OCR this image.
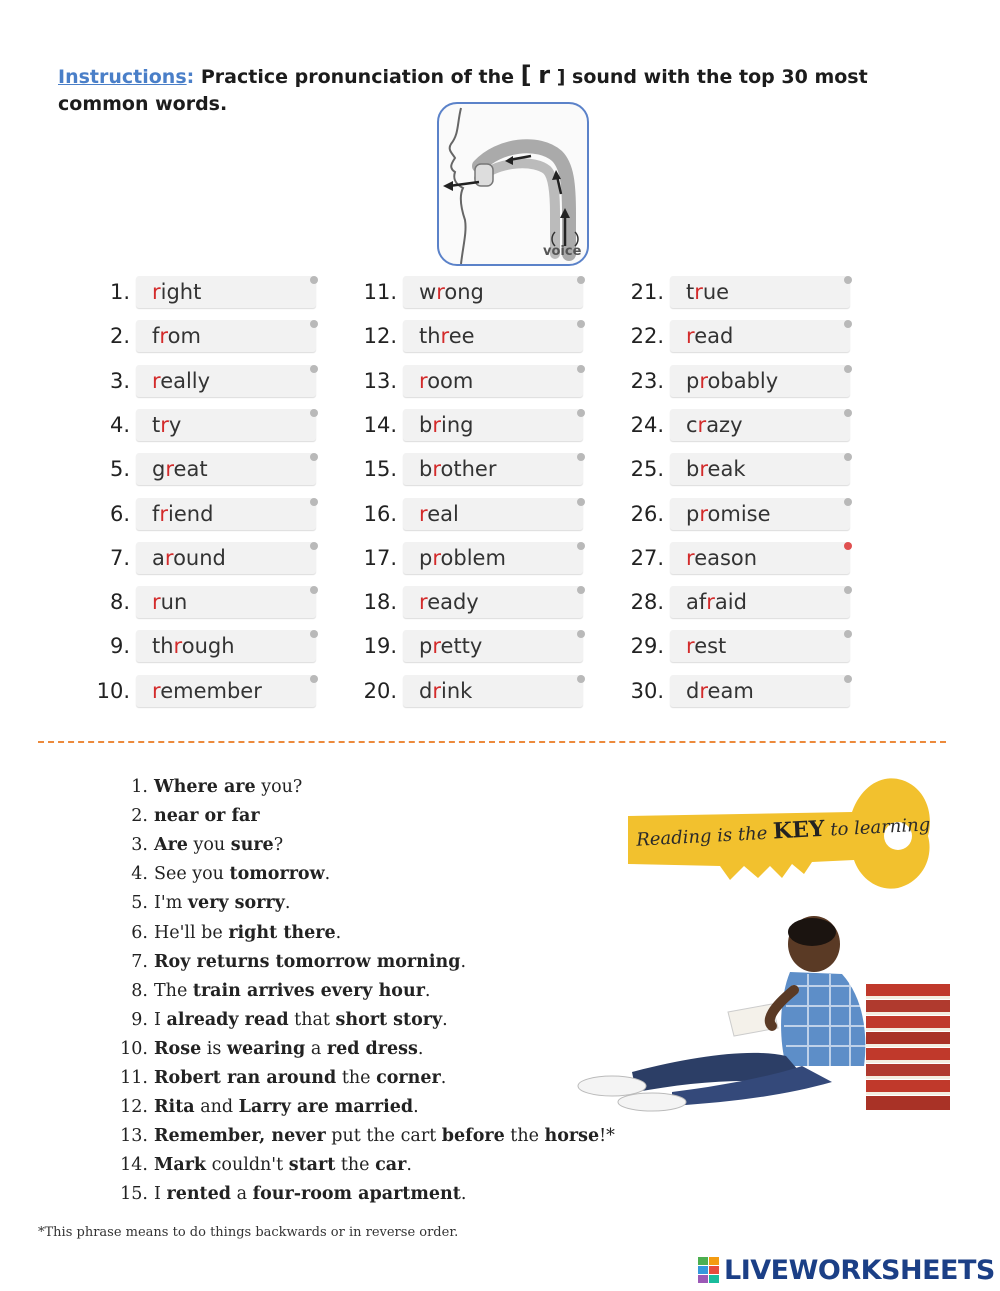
Instructions: Practice pronunciation of the [ r ] sound with the top 30 most common words.
voice
1.	right
2.	from
3.	really
4.	try
5.	great
6.	friend
7.	around
8.	run
9.	through
10.	remember
11.	wrong
12.	three
13.	room
14.	bring
15.	brother
16.	real
17.	problem
18.	ready
19.	pretty
20.	drink
21.	true
22.	read
23.	probably
24.	crazy
25.	break
26.	promise
27.	reason
28.	afraid
29.	rest
30.	dream
1. Where are you?
2. near or far
3. Are you sure?
4. See you tomorrow.
5. I'm very sorry.
6. He'll be right there.
7. Roy returns tomorrow morning.
8. The train arrives every hour.
9. I already read that short story.
10. Rose is wearing a red dress.
11. Robert ran around the corner.
12. Rita and Larry are married.
13. Remember, never put the cart before the horse!*
14. Mark couldn't start the car.
15. I rented a four-room apartment.
Reading is the KEY to learning
*This phrase means to do things backwards or in reverse order.
LIVEWORKSHEETS
